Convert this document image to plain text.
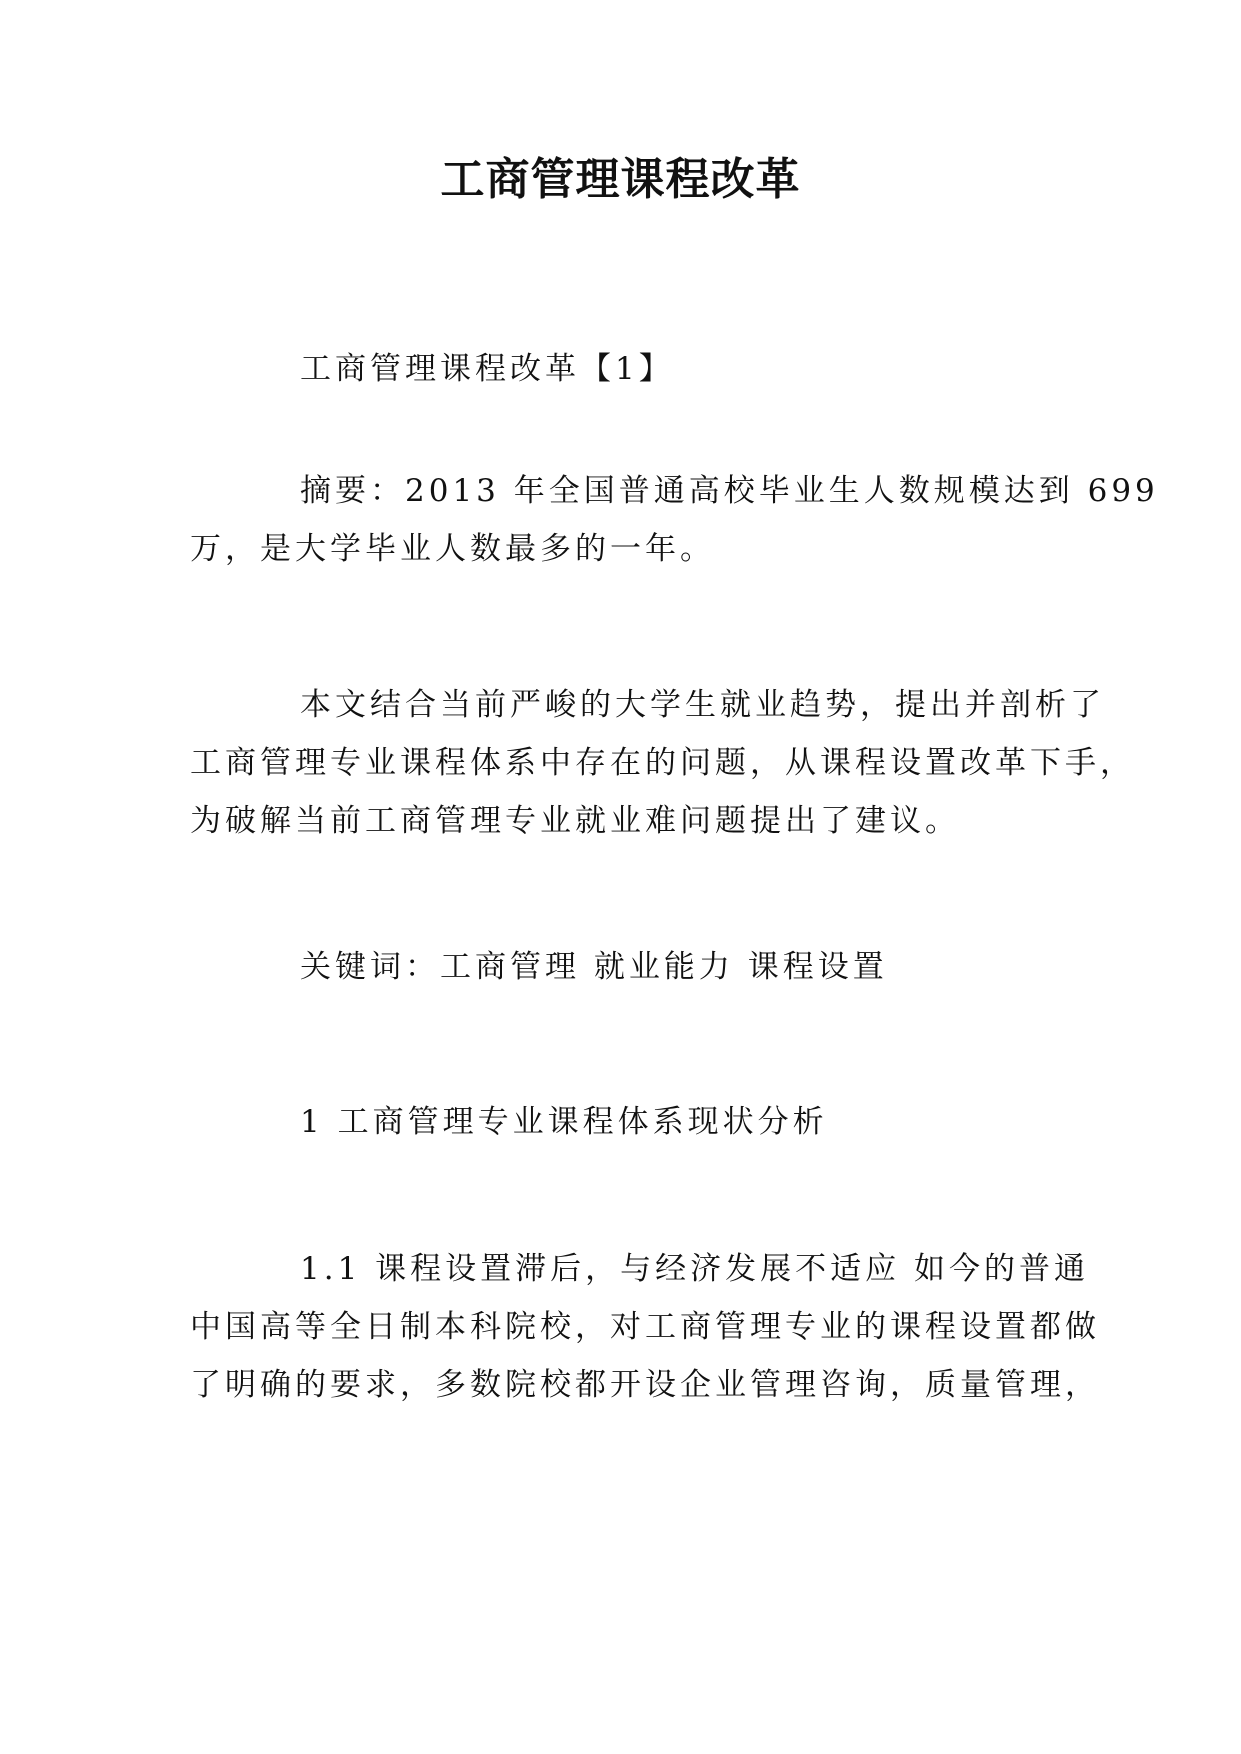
工商管理课程改革
工商管理课程改革【1】
摘要：2013 年全国普通高校毕业生人数规模达到 699
万，是大学毕业人数最多的一年。
本文结合当前严峻的大学生就业趋势，提出并剖析了
工商管理专业课程体系中存在的问题，从课程设置改革下手，
为破解当前工商管理专业就业难问题提出了建议。
关键词：工商管理 就业能力 课程设置
1 工商管理专业课程体系现状分析
1.1 课程设置滞后，与经济发展不适应 如今的普通
中国高等全日制本科院校，对工商管理专业的课程设置都做
了明确的要求，多数院校都开设企业管理咨询，质量管理，
